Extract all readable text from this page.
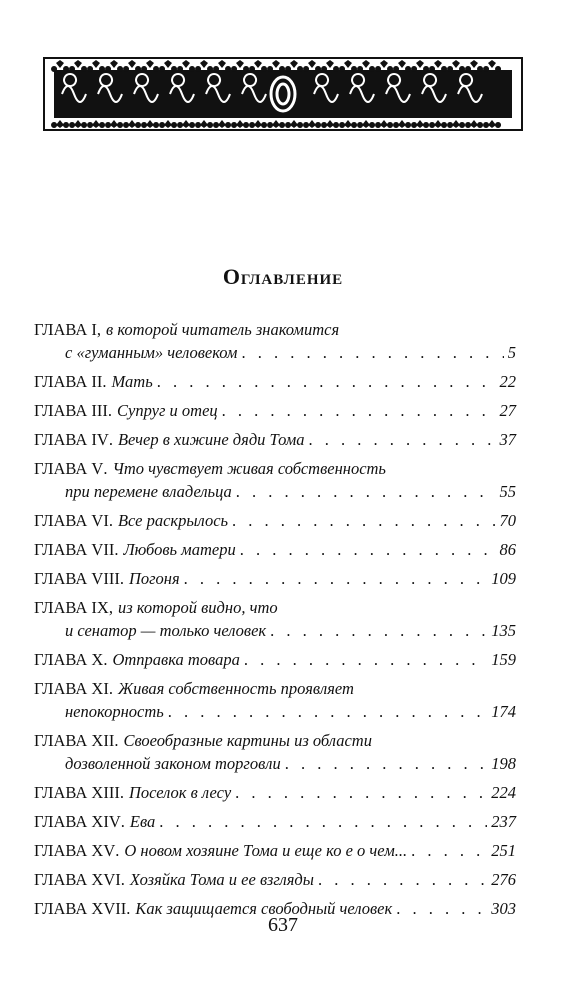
Оглавление
ГЛАВА I , в которой читатель знакомится
с «гуманным» человеком . . .	5
ГЛАВА II . Мать . . .	22
ГЛАВА III . Супруг и отец . . .	27
ГЛАВА IV . Вечер в хижине дяди Тома . . .	37
ГЛАВА V . Что чувствует живая собственность
при перемене владельца . . .	55
ГЛАВА VI . Все раскрылось . . .	70
ГЛАВА VII . Любовь матери . . .	86
ГЛАВА VIII . Погоня . . .	109
ГЛАВА IX , из которой видно, что
и сенатор — только человек . . .	135
ГЛАВА X . Отправка товара . . .	159
ГЛАВА XI . Живая собственность проявляет
непокорность . . .	174
ГЛАВА XII . Своеобразные картины из области
дозволенной законом торговли . . .	198
ГЛАВА XIII . Поселок в лесу . . .	224
ГЛАВА XIV . Ева . . .	237
ГЛАВА XV . О новом хозяине Тома и еще ко е о чем... . . .	251
ГЛАВА XVI . Хозяйка Тома и ее взгляды . . .	276
ГЛАВА XVII . Как защищается свободный человек . . .	303
637
